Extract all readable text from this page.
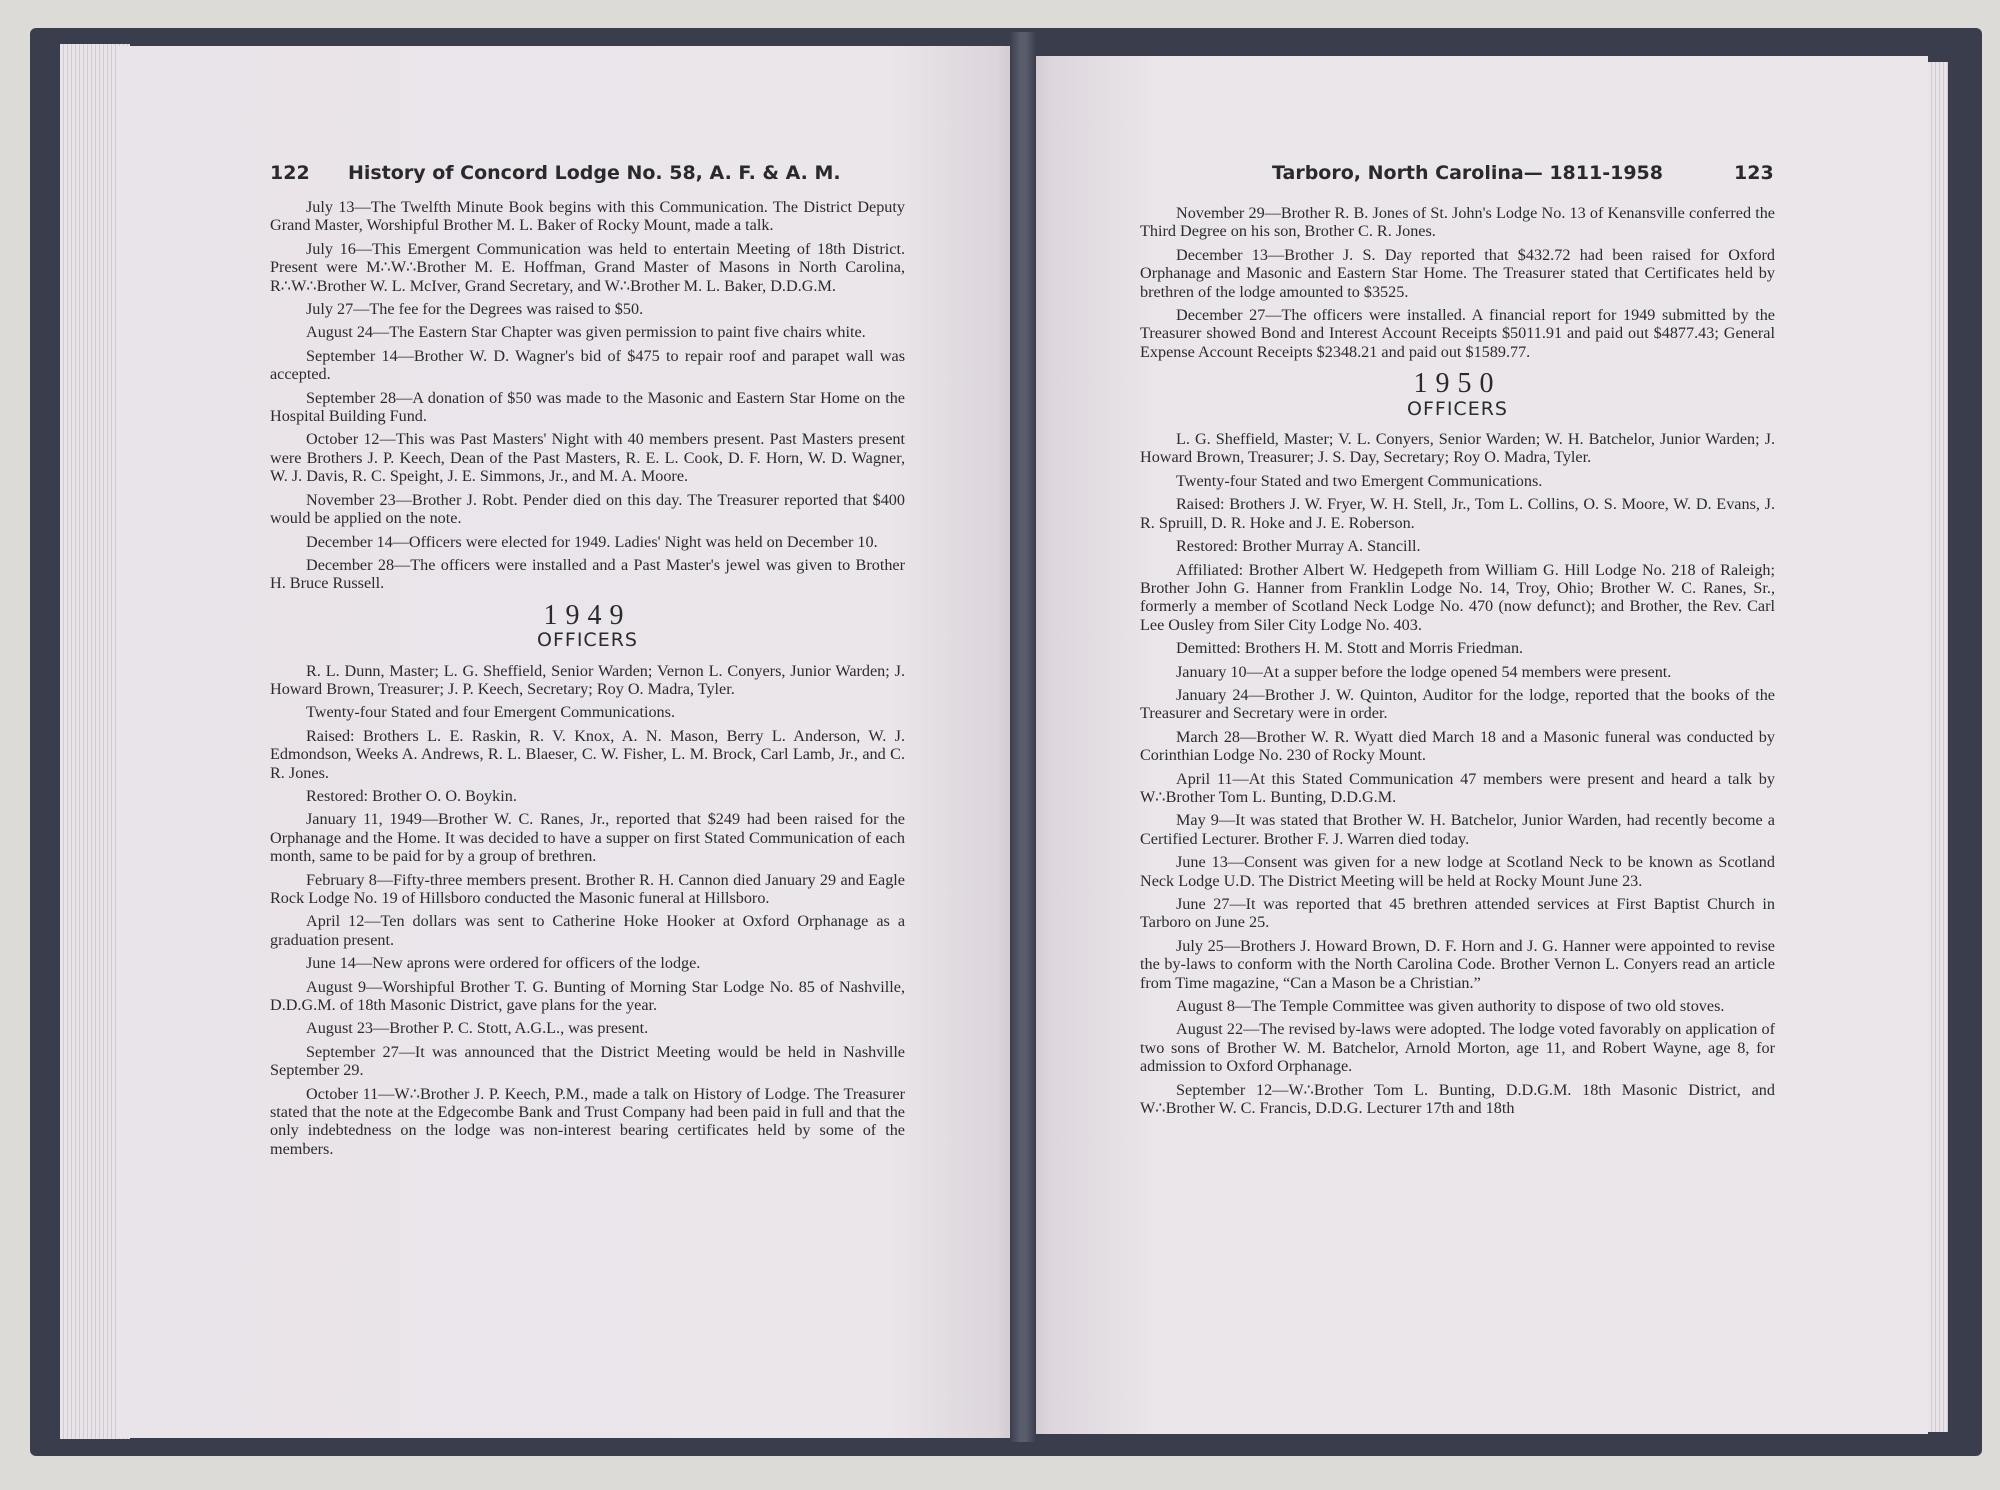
122 History of Concord Lodge No. 58, A. F. & A. M.	Tarboro, North Carolina— 1811-1958	123

July 13—The Twelfth Minute Book begins with this Communication. The District Deputy Grand Master, Worshipful Brother M. L. Baker of Rocky Mount, made a talk.

July 16—This Emergent Communication was held to entertain Meeting of 18th District. Present were M∴W∴Brother M. E. Hoffman, Grand Master of Masons in North Carolina, R∴W∴Brother W. L. McIver, Grand Secretary, and W∴Brother M. L. Baker, D.D.G.M.

July 27—The fee for the Degrees was raised to $50.

August 24—The Eastern Star Chapter was given permission to paint five chairs white.

September 14—Brother W. D. Wagner's bid of $475 to repair roof and parapet wall was accepted.

September 28—A donation of $50 was made to the Masonic and Eastern Star Home on the Hospital Building Fund.

October 12—This was Past Masters' Night with 40 members present. Past Masters present were Brothers J. P. Keech, Dean of the Past Masters, R. E. L. Cook, D. F. Horn, W. D. Wagner, W. J. Davis, R. C. Speight, J. E. Simmons, Jr., and M. A. Moore.

November 23—Brother J. Robt. Pender died on this day. The Treasurer reported that $400 would be applied on the note.

December 14—Officers were elected for 1949. Ladies' Night was held on December 10.

December 28—The officers were installed and a Past Master's jewel was given to Brother H. Bruce Russell.

1949
OFFICERS

R. L. Dunn, Master; L. G. Sheffield, Senior Warden; Vernon L. Conyers, Junior Warden; J. Howard Brown, Treasurer; J. P. Keech, Secretary; Roy O. Madra, Tyler.

Twenty-four Stated and four Emergent Communications.

Raised: Brothers L. E. Raskin, R. V. Knox, A. N. Mason, Berry L. Anderson, W. J. Edmondson, Weeks A. Andrews, R. L. Blaeser, C. W. Fisher, L. M. Brock, Carl Lamb, Jr., and C. R. Jones.

Restored: Brother O. O. Boykin.

January 11, 1949—Brother W. C. Ranes, Jr., reported that $249 had been raised for the Orphanage and the Home. It was decided to have a supper on first Stated Communication of each month, same to be paid for by a group of brethren.

February 8—Fifty-three members present. Brother R. H. Cannon died January 29 and Eagle Rock Lodge No. 19 of Hillsboro conducted the Masonic funeral at Hillsboro.

April 12—Ten dollars was sent to Catherine Hoke Hooker at Oxford Orphanage as a graduation present.

June 14—New aprons were ordered for officers of the lodge.

August 9—Worshipful Brother T. G. Bunting of Morning Star Lodge No. 85 of Nashville, D.D.G.M. of 18th Masonic District, gave plans for the year.

August 23—Brother P. C. Stott, A.G.L., was present.

September 27—It was announced that the District Meeting would be held in Nashville September 29.

October 11—W∴Brother J. P. Keech, P.M., made a talk on History of Lodge. The Treasurer stated that the note at the Edgecombe Bank and Trust Company had been paid in full and that the only indebtedness on the lodge was non-interest bearing certificates held by some of the members.

November 29—Brother R. B. Jones of St. John's Lodge No. 13 of Kenansville conferred the Third Degree on his son, Brother C. R. Jones.

December 13—Brother J. S. Day reported that $432.72 had been raised for Oxford Orphanage and Masonic and Eastern Star Home. The Treasurer stated that Certificates held by brethren of the lodge amounted to $3525.

December 27—The officers were installed. A financial report for 1949 submitted by the Treasurer showed Bond and Interest Account Receipts $5011.91 and paid out $4877.43; General Expense Account Receipts $2348.21 and paid out $1589.77.

1950
OFFICERS

L. G. Sheffield, Master; V. L. Conyers, Senior Warden; W. H. Batchelor, Junior Warden; J. Howard Brown, Treasurer; J. S. Day, Secretary; Roy O. Madra, Tyler.

Twenty-four Stated and two Emergent Communications.

Raised: Brothers J. W. Fryer, W. H. Stell, Jr., Tom L. Collins, O. S. Moore, W. D. Evans, J. R. Spruill, D. R. Hoke and J. E. Roberson.

Restored: Brother Murray A. Stancill.

Affiliated: Brother Albert W. Hedgepeth from William G. Hill Lodge No. 218 of Raleigh; Brother John G. Hanner from Franklin Lodge No. 14, Troy, Ohio; Brother W. C. Ranes, Sr., formerly a member of Scotland Neck Lodge No. 470 (now defunct); and Brother, the Rev. Carl Lee Ousley from Siler City Lodge No. 403.

Demitted: Brothers H. M. Stott and Morris Friedman.

January 10—At a supper before the lodge opened 54 members were present.

January 24—Brother J. W. Quinton, Auditor for the lodge, reported that the books of the Treasurer and Secretary were in order.

March 28—Brother W. R. Wyatt died March 18 and a Masonic funeral was conducted by Corinthian Lodge No. 230 of Rocky Mount.

April 11—At this Stated Communication 47 members were present and heard a talk by W∴Brother Tom L. Bunting, D.D.G.M.

May 9—It was stated that Brother W. H. Batchelor, Junior Warden, had recently become a Certified Lecturer. Brother F. J. Warren died today.

June 13—Consent was given for a new lodge at Scotland Neck to be known as Scotland Neck Lodge U.D. The District Meeting will be held at Rocky Mount June 23.

June 27—It was reported that 45 brethren attended services at First Baptist Church in Tarboro on June 25.

July 25—Brothers J. Howard Brown, D. F. Horn and J. G. Hanner were appointed to revise the by-laws to conform with the North Carolina Code. Brother Vernon L. Conyers read an article from Time magazine, “Can a Mason be a Christian.”

August 8—The Temple Committee was given authority to dispose of two old stoves.

August 22—The revised by-laws were adopted. The lodge voted favorably on application of two sons of Brother W. M. Batchelor, Arnold Morton, age 11, and Robert Wayne, age 8, for admission to Oxford Orphanage.

September 12—W∴Brother Tom L. Bunting, D.D.G.M. 18th Masonic District, and W∴Brother W. C. Francis, D.D.G. Lecturer 17th and 18th
